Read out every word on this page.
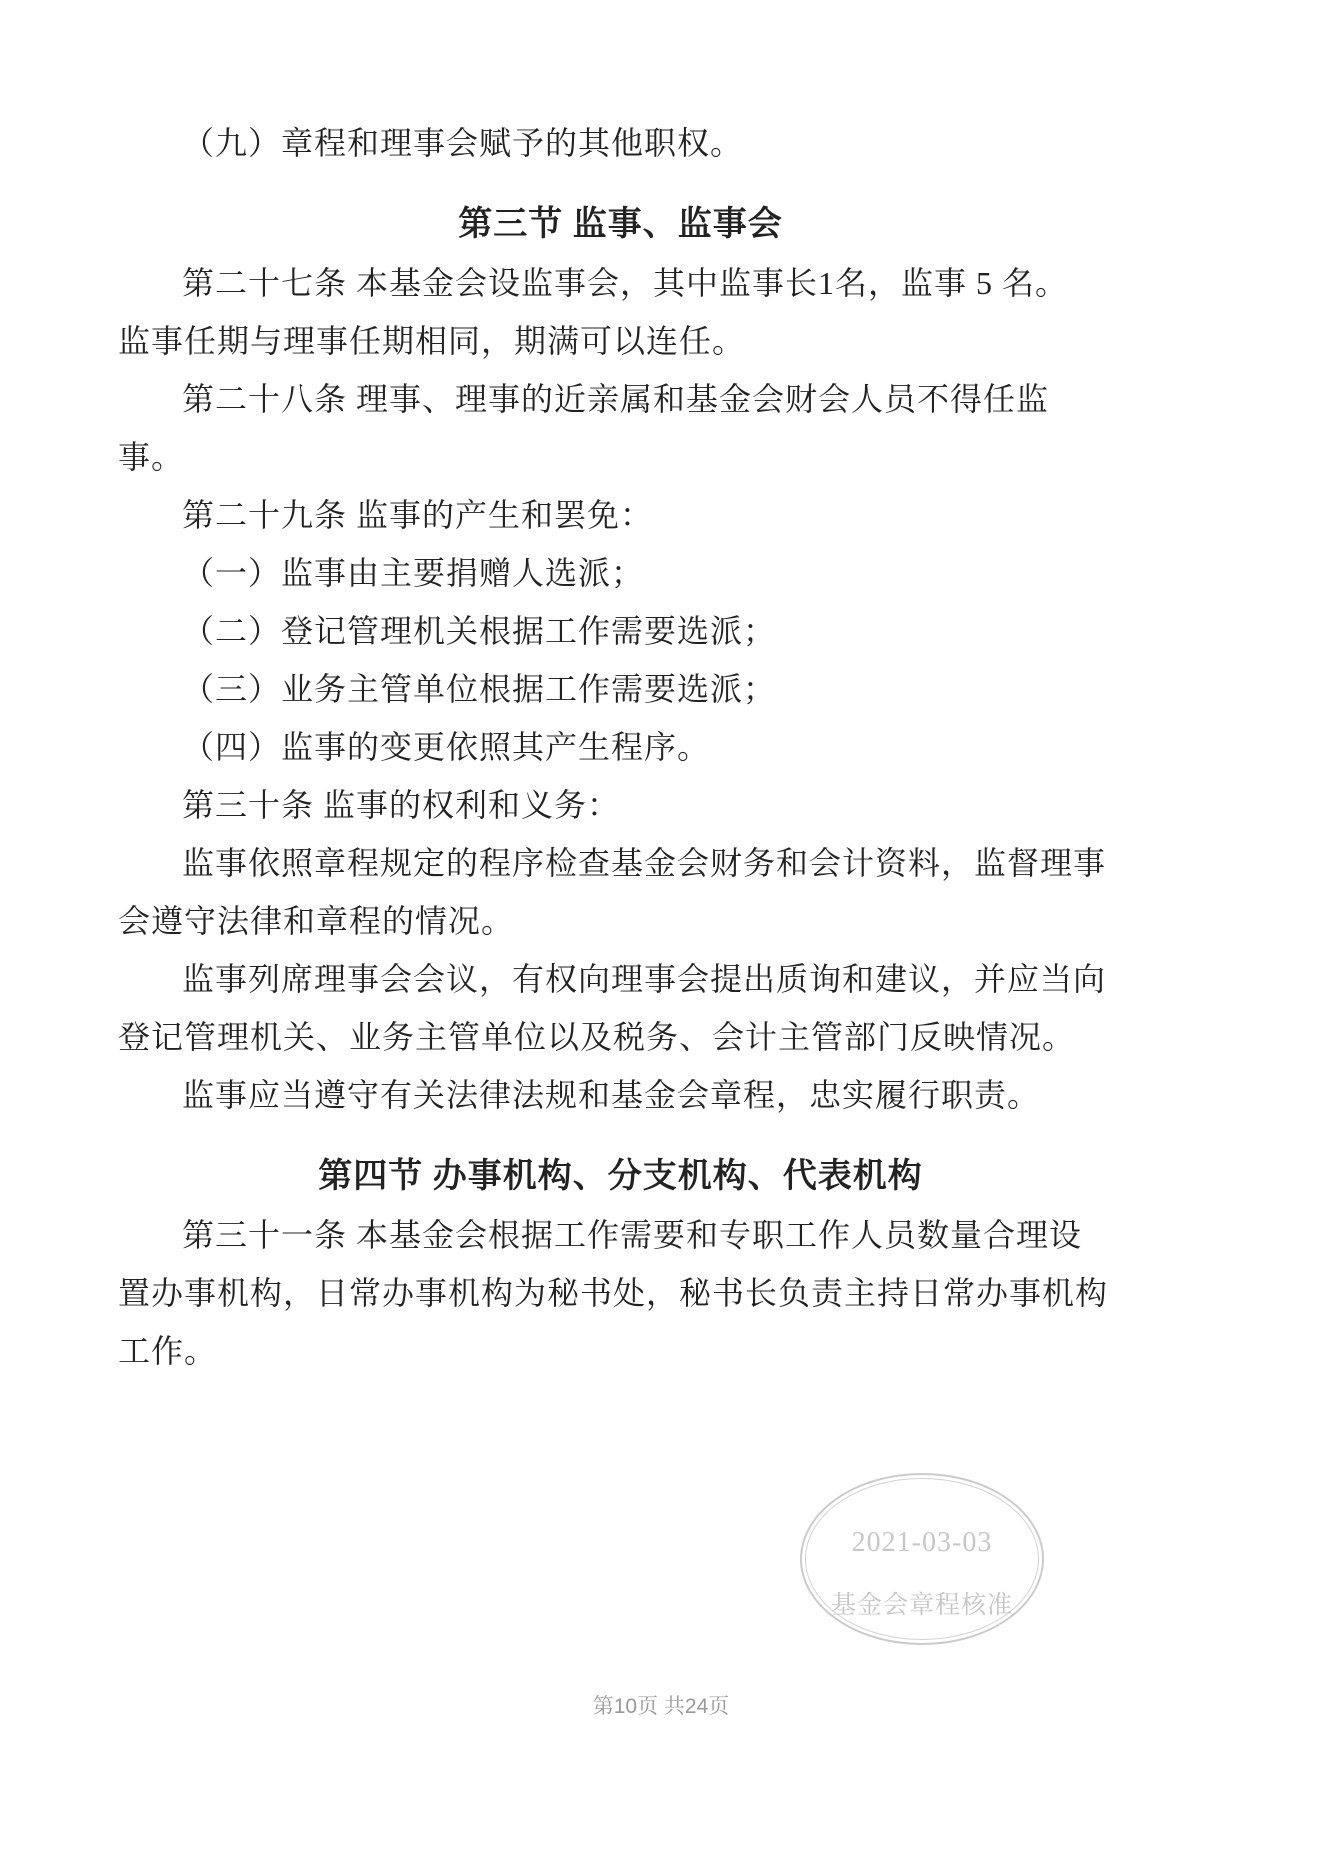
（九）章程和理事会赋予的其他职权。
第三节 监事、监事会
第二十七条 本基金会设监事会，其中监事长1名，监事 5 名。
监事任期与理事任期相同，期满可以连任。
第二十八条 理事、理事的近亲属和基金会财会人员不得任监
事。
第二十九条 监事的产生和罢免：
（一）监事由主要捐赠人选派；
（二）登记管理机关根据工作需要选派；
（三）业务主管单位根据工作需要选派；
（四）监事的变更依照其产生程序。
第三十条 监事的权利和义务：
监事依照章程规定的程序检查基金会财务和会计资料，监督理事
会遵守法律和章程的情况。
监事列席理事会会议，有权向理事会提出质询和建议，并应当向
登记管理机关、业务主管单位以及税务、会计主管部门反映情况。
监事应当遵守有关法律法规和基金会章程，忠实履行职责。
第四节 办事机构、分支机构、代表机构
第三十一条 本基金会根据工作需要和专职工作人员数量合理设
置办事机构，日常办事机构为秘书处，秘书长负责主持日常办事机构
工作。
2021-03-03
基金会章程核准
第10页 共24页
